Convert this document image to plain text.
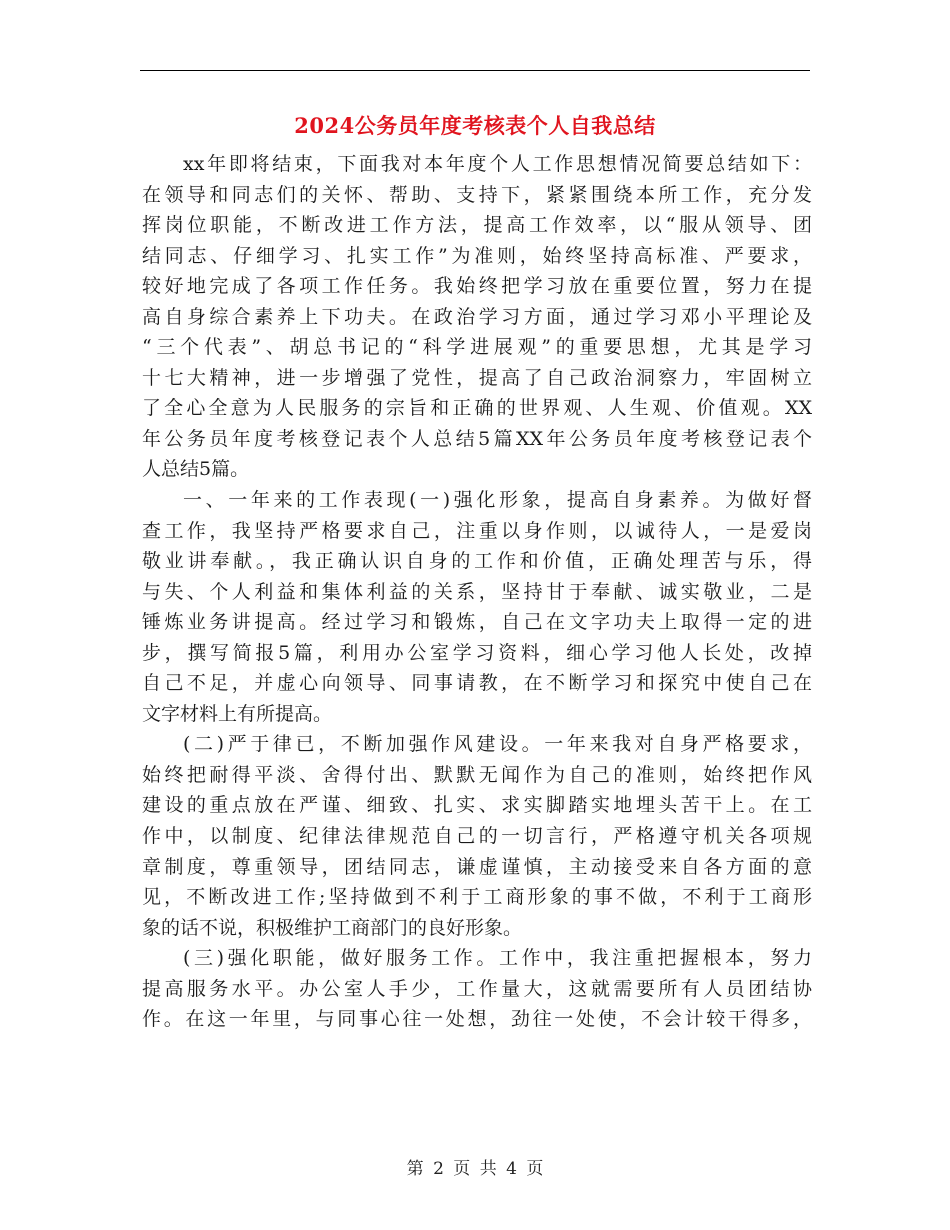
2024公务员年度考核表个人自我总结
xx年即将结束，下面我对本年度个人工作思想情况简要总结如下：
在领导和同志们的关怀、帮助、支持下，紧紧围绕本所工作，充分发
挥岗位职能，不断改进工作方法，提高工作效率，以“服从领导、团
结同志、仔细学习、扎实工作”为准则，始终坚持高标准、严要求，
较好地完成了各项工作任务。我始终把学习放在重要位置，努力在提
高自身综合素养上下功夫。在政治学习方面，通过学习邓小平理论及
“三个代表”、胡总书记的“科学进展观”的重要思想，尤其是学习
十七大精神，进一步增强了党性，提高了自己政治洞察力，牢固树立
了全心全意为人民服务的宗旨和正确的世界观、人生观、价值观。XX
年公务员年度考核登记表个人总结5篇XX年公务员年度考核登记表个
人总结5篇。
一、一年来的工作表现(一)强化形象，提高自身素养。为做好督
查工作，我坚持严格要求自己，注重以身作则，以诚待人，一是爱岗
敬业讲奉献。，我正确认识自身的工作和价值，正确处理苦与乐，得
与失、个人利益和集体利益的关系，坚持甘于奉献、诚实敬业，二是
锤炼业务讲提高。经过学习和锻炼，自己在文字功夫上取得一定的进
步，撰写简报5篇，利用办公室学习资料，细心学习他人长处，改掉
自己不足，并虚心向领导、同事请教，在不断学习和探究中使自己在
文字材料上有所提高。
(二)严于律已，不断加强作风建设。一年来我对自身严格要求，
始终把耐得平淡、舍得付出、默默无闻作为自己的准则，始终把作风
建设的重点放在严谨、细致、扎实、求实脚踏实地埋头苦干上。在工
作中，以制度、纪律法律规范自己的一切言行，严格遵守机关各项规
章制度，尊重领导，团结同志，谦虚谨慎，主动接受来自各方面的意
见，不断改进工作;坚持做到不利于工商形象的事不做，不利于工商形
象的话不说，积极维护工商部门的良好形象。
(三)强化职能，做好服务工作。工作中，我注重把握根本，努力
提高服务水平。办公室人手少，工作量大，这就需要所有人员团结协
作。在这一年里，与同事心往一处想，劲往一处使，不会计较干得多，
第 2 页 共 4 页
